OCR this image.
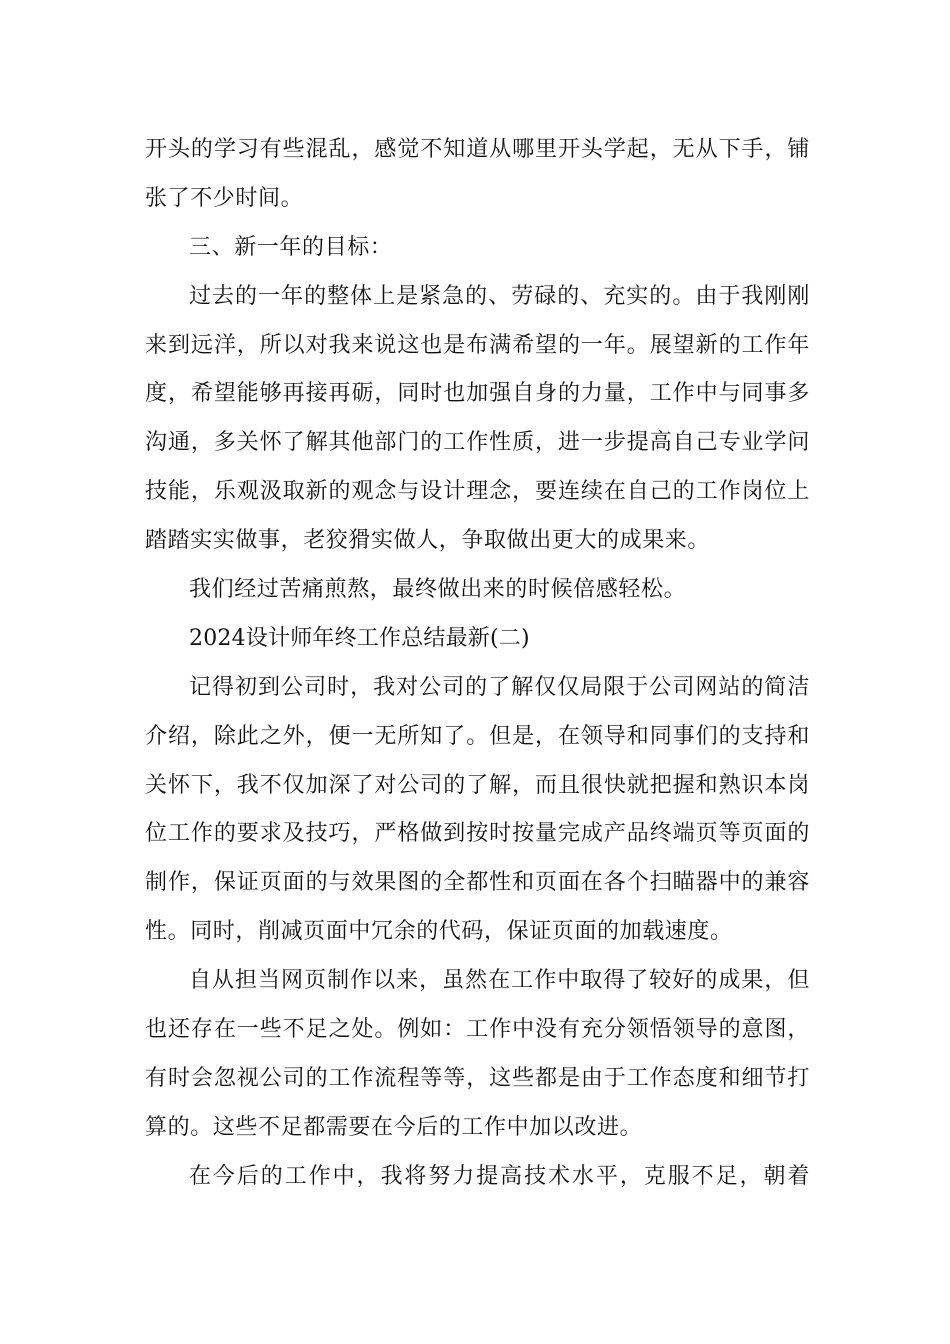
开头的学习有些混乱，感觉不知道从哪里开头学起，无从下手，铺
张了不少时间。
三、新一年的目标：
过去的一年的整体上是紧急的、劳碌的、充实的。由于我刚刚
来到远洋，所以对我来说这也是布满希望的一年。展望新的工作年
度，希望能够再接再砺，同时也加强自身的力量，工作中与同事多
沟通，多关怀了解其他部门的工作性质，进一步提高自己专业学问
技能，乐观汲取新的观念与设计理念，要连续在自己的工作岗位上
踏踏实实做事，老狡猾实做人，争取做出更大的成果来。
我们经过苦痛煎熬，最终做出来的时候倍感轻松。
2024设计师年终工作总结最新(二)
记得初到公司时，我对公司的了解仅仅局限于公司网站的简洁
介绍，除此之外，便一无所知了。但是，在领导和同事们的支持和
关怀下，我不仅加深了对公司的了解，而且很快就把握和熟识本岗
位工作的要求及技巧，严格做到按时按量完成产品终端页等页面的
制作，保证页面的与效果图的全都性和页面在各个扫瞄器中的兼容
性。同时，削减页面中冗余的代码，保证页面的加载速度。
自从担当网页制作以来，虽然在工作中取得了较好的成果，但
也还存在一些不足之处。例如：工作中没有充分领悟领导的意图，
有时会忽视公司的工作流程等等，这些都是由于工作态度和细节打
算的。这些不足都需要在今后的工作中加以改进。
在今后的工作中，我将努力提高技术水平，克服不足，朝着
